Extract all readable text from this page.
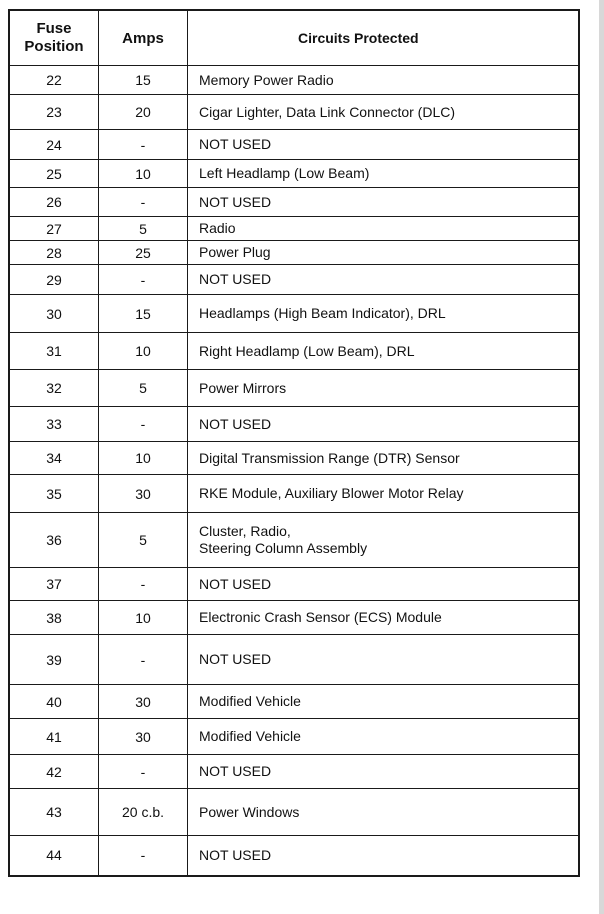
Fuse
Position	Amps	Circuits Protected
22	15	Memory Power Radio
23	20	Cigar Lighter, Data Link Connector (DLC)
24	-	NOT USED
25	10	Left Headlamp (Low Beam)
26	-	NOT USED
27	5	Radio
28	25	Power Plug
29	-	NOT USED
30	15	Headlamps (High Beam Indicator), DRL
31	10	Right Headlamp (Low Beam), DRL
32	5	Power Mirrors
33	-	NOT USED
34	10	Digital Transmission Range (DTR) Sensor
35	30	RKE Module, Auxiliary Blower Motor Relay
36	5	Cluster, Radio,
Steering Column Assembly

37	-	NOT USED
38	10	Electronic Crash Sensor (ECS) Module
39	-	NOT USED
40	30	Modified Vehicle
41	30	Modified Vehicle
42	-	NOT USED
43	20 c.b.	Power Windows
44	-	NOT USED
